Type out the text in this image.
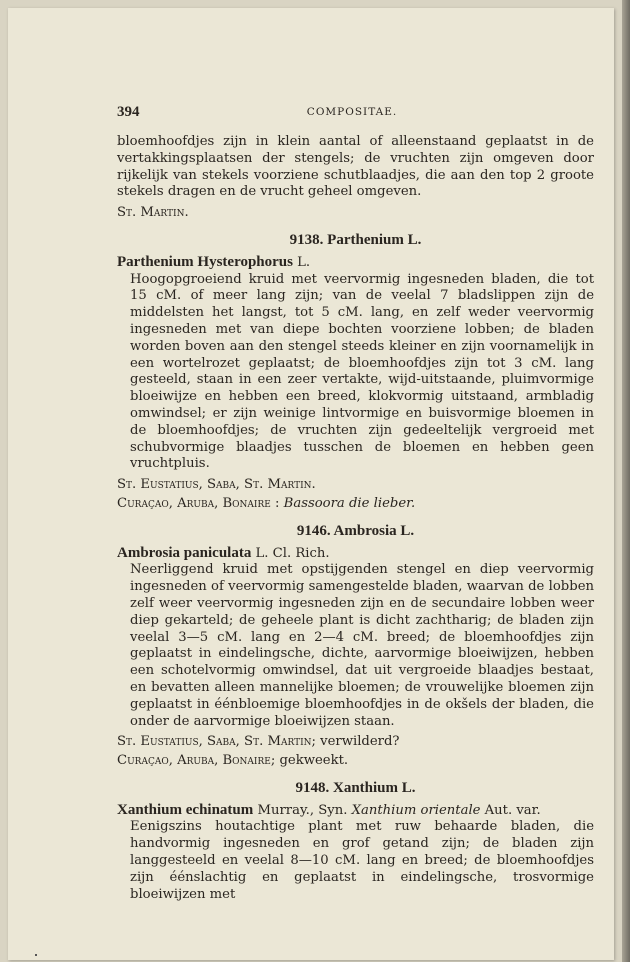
394	COMPOSITAE.

bloemhoofdjes zijn in klein aantal of alleenstaand geplaatst in de vertakkingsplaatsen der stengels; de vruchten zijn omgeven door rijkelijk van stekels voorziene schutblaadjes, die aan den top 2 groote stekels dragen en de vrucht geheel omgeven.

St. Martin.

9138. Parthenium L.

Parthenium Hysterophorus L.

Hoogopgroeiend kruid met veervormig ingesneden bladen, die tot 15 cM. of meer lang zijn; van de veelal 7 bladslippen zijn de middelsten het langst, tot 5 cM. lang, en zelf weder veervormig ingesneden met van diepe bochten voorziene lobben; de bladen worden boven aan den stengel steeds kleiner en zijn voornamelijk in een wortelrozet geplaatst; de bloemhoofdjes zijn tot 3 cM. lang gesteeld, staan in een zeer vertakte, wijd-uitstaande, pluimvormige bloeiwijze en hebben een breed, klokvormig uitstaand, armbladig omwindsel; er zijn weinige lintvormige en buisvormige bloemen in de bloemhoofdjes; de vruchten zijn gedeeltelijk vergroeid met schubvormige blaadjes tusschen de bloemen en hebben geen vruchtpluis.

St. Eustatius, Saba, St. Martin.

Curaçao, Aruba, Bonaire : Bassoora die lieber.

9146. Ambrosia L.

Ambrosia paniculata L. Cl. Rich.

Neerliggend kruid met opstijgenden stengel en diep veervormig ingesneden of veervormig samengestelde bladen, waarvan de lobben zelf weer veervormig ingesneden zijn en de secundaire lobben weer diep gekarteld; de geheele plant is dicht zachtharig; de bladen zijn veelal 3—5 cM. lang en 2—4 cM. breed; de bloemhoofdjes zijn geplaatst in eindelingsche, dichte, aarvormige bloeiwijzen, hebben een schotelvormig omwindsel, dat uit vergroeide blaadjes bestaat, en bevatten alleen mannelijke bloemen; de vrouwelijke bloemen zijn geplaatst in éénbloemige bloemhoofdjes in de okšels der bladen, die onder de aarvormige bloeiwijzen staan.

St. Eustatius, Saba, St. Martin; verwilderd?

Curaçao, Aruba, Bonaire; gekweekt.

9148. Xanthium L.

Xanthium echinatum Murray., Syn. Xanthium orientale Aut. var.

Eenigszins houtachtige plant met ruw behaarde bladen, die handvormig ingesneden en grof getand zijn; de bladen zijn langgesteeld en veelal 8—10 cM. lang en breed; de bloemhoofdjes zijn éénslachtig en geplaatst in eindelingsche, trosvormige bloeiwijzen met
